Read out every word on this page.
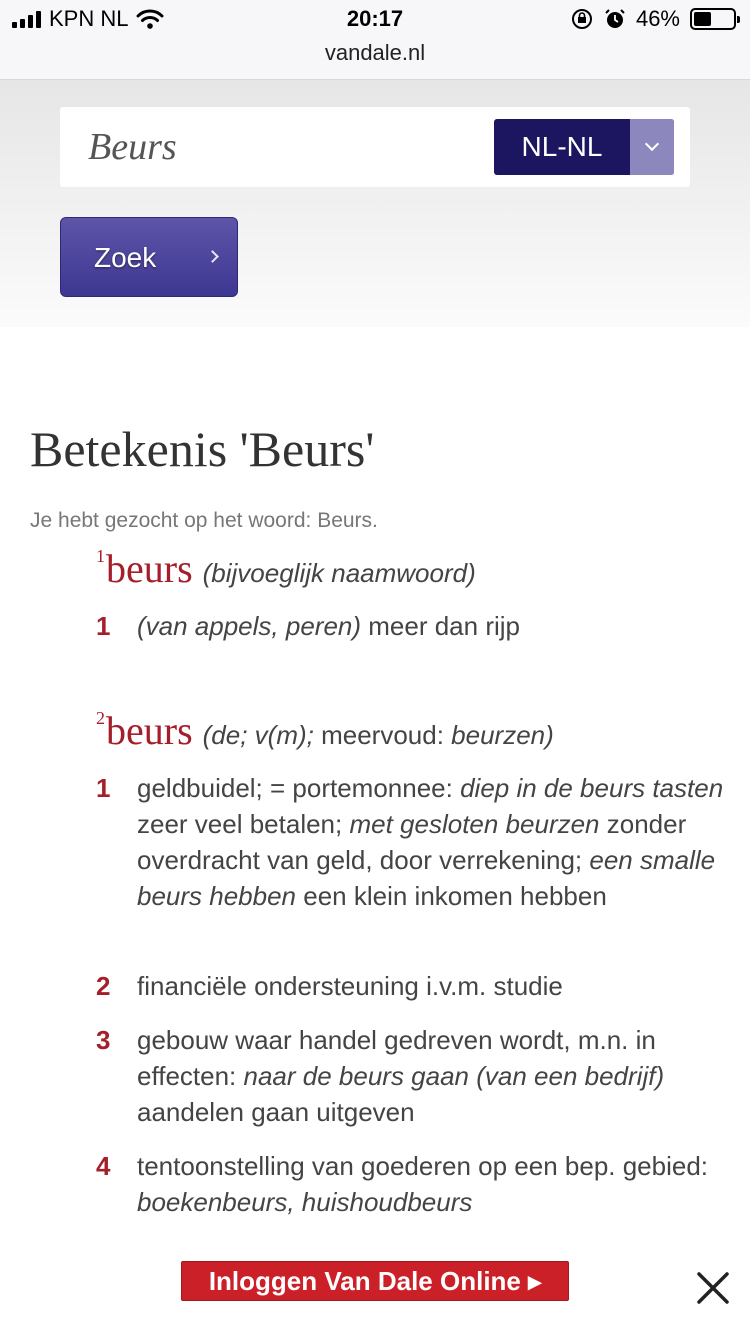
KPN NL	20:17	46%
vandale.nl
Beurs
NL-NL
Zoek
Betekenis 'Beurs'
Je hebt gezocht op het woord: Beurs.
$^1$beurs (bijvoeglijk naamwoord)
1	(van appels, peren) meer dan rijp
$^2$beurs (de; v(m); meervoud: beurzen)
1	geldbuidel; = portemonnee: diep in de beurs tasten zeer veel betalen; met gesloten beurzen zonder overdracht van geld, door verrekening; een smalle beurs hebben een klein inkomen hebben
2	financiële ondersteuning i.v.m. studie
3	gebouw waar handel gedreven wordt, m.n. in effecten: naar de beurs gaan (van een bedrijf) aandelen gaan uitgeven
4	tentoonstelling van goederen op een bep. gebied: boekenbeurs, huishoudbeurs
Inloggen Van Dale Online ▸
